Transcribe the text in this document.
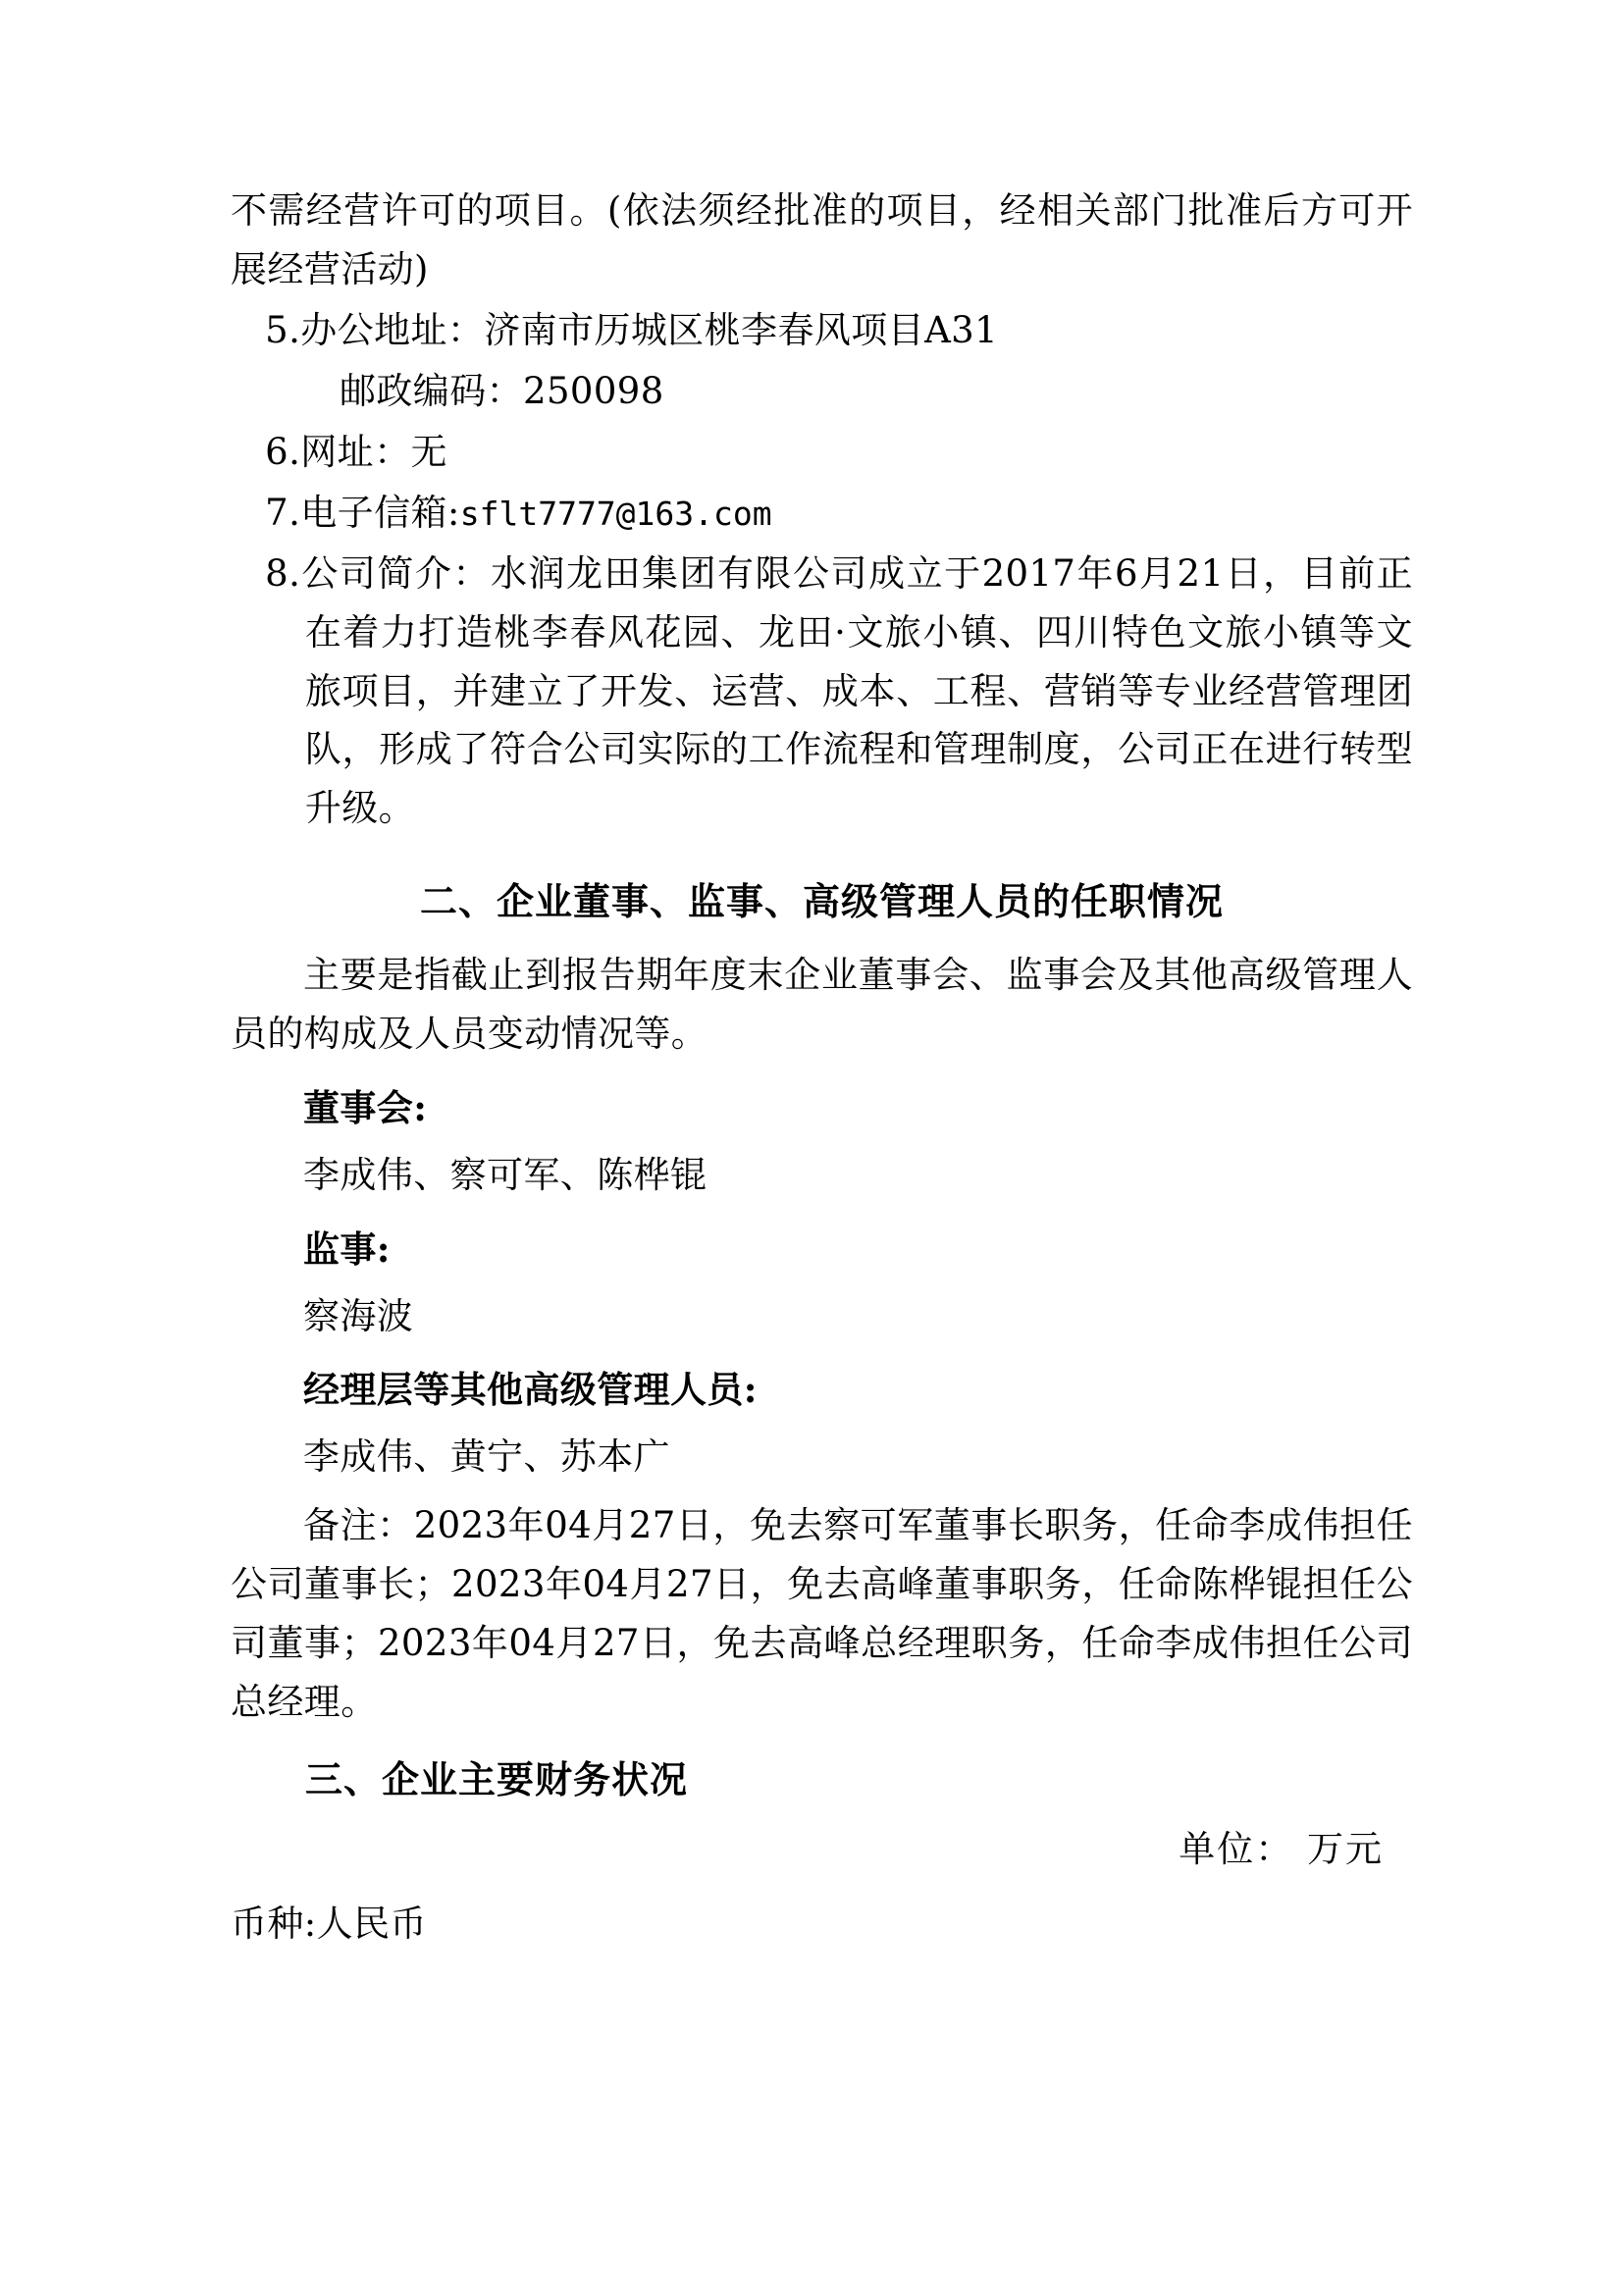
不需经营许可的项目。(依法须经批准的项目，经相关部门批准后方可开展经营活动)

5.办公地址：济南市历城区桃李春风项目A31

邮政编码：250098

6.网址：无

7.电子信箱:sflt7777@163.com

8.公司简介：水润龙田集团有限公司成立于2017年6月21日，目前正在着力打造桃李春风花园、龙田·文旅小镇、四川特色文旅小镇等文旅项目，并建立了开发、运营、成本、工程、营销等专业经营管理团队，形成了符合公司实际的工作流程和管理制度，公司正在进行转型升级。

二、企业董事、监事、高级管理人员的任职情况

主要是指截止到报告期年度末企业董事会、监事会及其他高级管理人员的构成及人员变动情况等。

董事会:

李成伟、察可军、陈桦锟

监事:

察海波

经理层等其他高级管理人员:

李成伟、黄宁、苏本广

备注：2023年04月27日，免去察可军董事长职务，任命李成伟担任公司董事长；2023年04月27日，免去高峰董事职务，任命陈桦锟担任公司董事；2023年04月27日，免去高峰总经理职务，任命李成伟担任公司总经理。

三、企业主要财务状况

单位： 万元

币种:人民币
